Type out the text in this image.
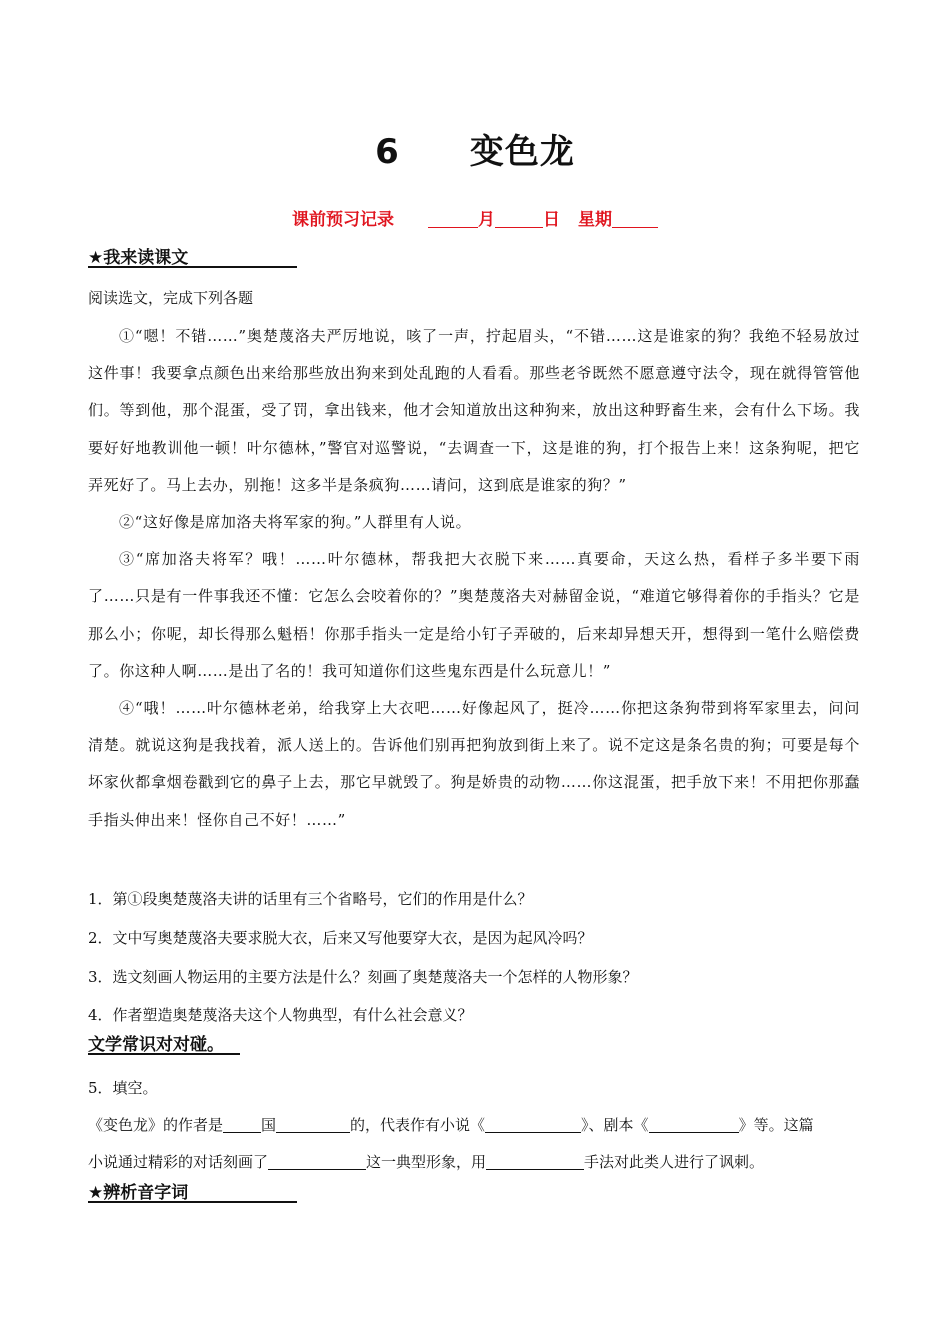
6 变色龙
课前预习记录	月	日 星期
★我来读课文
阅读选文，完成下列各题

①“嗯！不错……”奥楚蔑洛夫严厉地说，咳了一声，拧起眉头，“不错……这是谁家的狗？我绝不轻易放过这件事！我要拿点颜色出来给那些放出狗来到处乱跑的人看看。那些老爷既然不愿意遵守法令，现在就得管管他们。等到他，那个混蛋，受了罚，拿出钱来，他才会知道放出这种狗来，放出这种野畜生来，会有什么下场。我要好好地教训他一顿！叶尔德林，”警官对巡警说，“去调查一下，这是谁的狗，打个报告上来！这条狗呢，把它弄死好了。马上去办，别拖！这多半是条疯狗……请问，这到底是谁家的狗？”

②“这好像是席加洛夫将军家的狗。”人群里有人说。

③“席加洛夫将军？哦！……叶尔德林，帮我把大衣脱下来……真要命，天这么热，看样子多半要下雨了……只是有一件事我还不懂：它怎么会咬着你的？”奥楚蔑洛夫对赫留金说，“难道它够得着你的手指头？它是那么小；你呢，却长得那么魁梧！你那手指头一定是给小钉子弄破的，后来却异想天开，想得到一笔什么赔偿费了。你这种人啊……是出了名的！我可知道你们这些鬼东西是什么玩意儿！”

④“哦！……叶尔德林老弟，给我穿上大衣吧……好像起风了，挺冷……你把这条狗带到将军家里去，问问清楚。就说这狗是我找着，派人送上的。告诉他们别再把狗放到街上来了。说不定这是条名贵的狗；可要是每个坏家伙都拿烟卷戳到它的鼻子上去，那它早就毁了。狗是娇贵的动物……你这混蛋，把手放下来！不用把你那蠢手指头伸出来！怪你自己不好！……”

1．第①段奥楚蔑洛夫讲的话里有三个省略号，它们的作用是什么？

2．文中写奥楚蔑洛夫要求脱大衣，后来又写他要穿大衣，是因为起风冷吗？

3．选文刻画人物运用的主要方法是什么？刻画了奥楚蔑洛夫一个怎样的人物形象？

4．作者塑造奥楚蔑洛夫这个人物典型，有什么社会意义？

文学常识对对碰。

5．填空。

《变色龙》的作者是	国	的，代表作有小说《	》、剧本《	》等。这篇

小说通过精彩的对话刻画了	这一典型形象，用	手法对此类人进行了讽刺。

★辨析音字词
